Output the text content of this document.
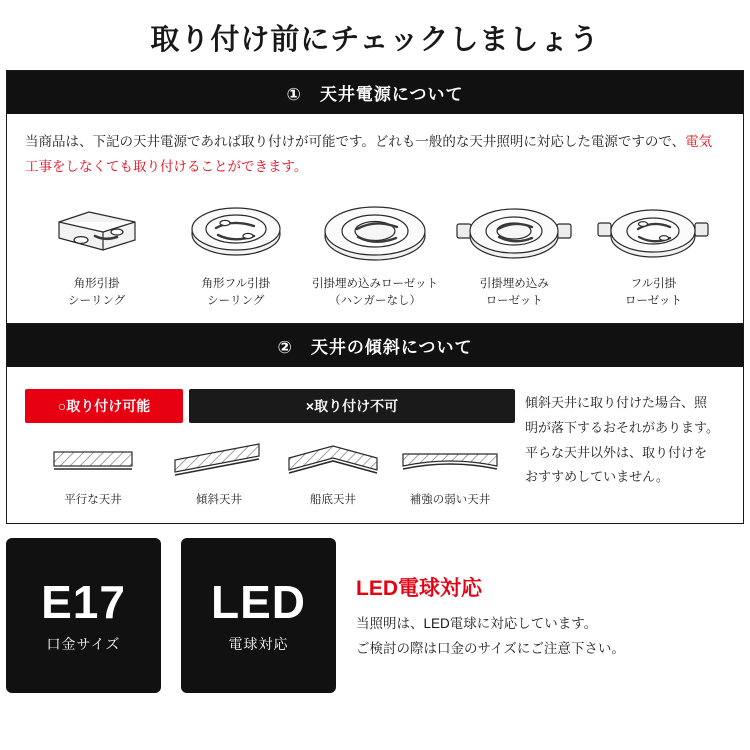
取り付け前にチェックしましょう
①　天井電源について
当商品は、下記の天井電源であれば取り付けが可能です。どれも一般的な天井照明に対応した電源ですので、電気工事をしなくても取り付けることができます。
角形引掛
シーリング
角形フル引掛
シーリング
引掛埋め込みローゼット
（ハンガーなし）
引掛埋め込み
ローゼット
フル引掛
ローゼット
②　天井の傾斜について
○取り付け可能	×取り付け不可
平行な天井	傾斜天井	船底天井	補強の弱い天井
傾斜天井に取り付けた場合、照
明が落下するおそれがあります。
平らな天井以外は、取り付けを
おすすめしていません。
E17
口金サイズ
LED
電球対応
LED電球対応
当照明は、LED電球に対応しています。
ご検討の際は口金のサイズにご注意下さい。
